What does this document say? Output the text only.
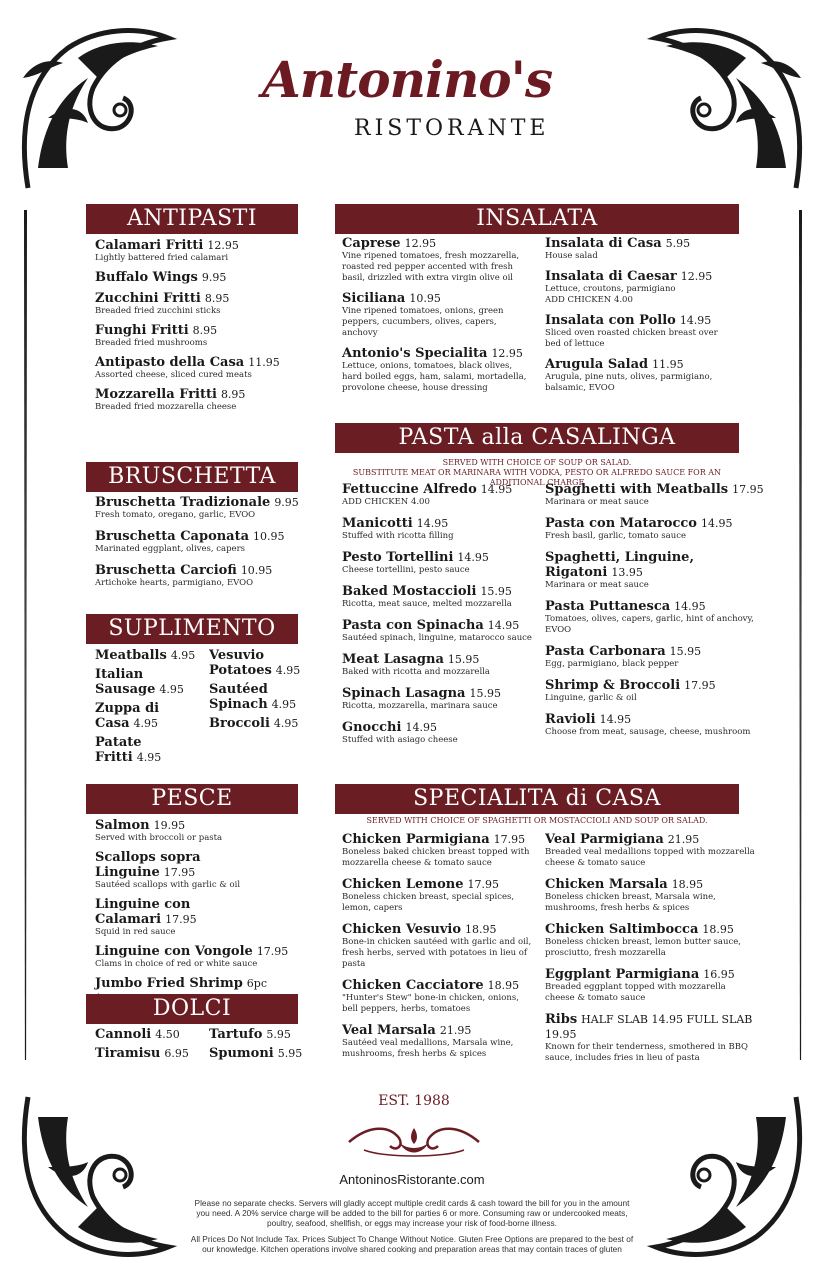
Antonino's
RISTORANTE
ANTIPASTI
Calamari Fritti 12.95
Lightly battered fried calamari
Buffalo Wings 9.95
Zucchini Fritti 8.95
Breaded fried zucchini sticks
Funghi Fritti 8.95
Breaded fried mushrooms
Antipasto della Casa 11.95
Assorted cheese, sliced cured meats
Mozzarella Fritti 8.95
Breaded fried mozzarella cheese
BRUSCHETTA
Bruschetta Tradizionale 9.95
Fresh tomato, oregano, garlic, EVOO
Bruschetta Caponata 10.95
Marinated eggplant, olives, capers
Bruschetta Carciofi 10.95
Artichoke hearts, parmigiano, EVOO
SUPLIMENTO
Meatballs 4.95
Italian Sausage 4.95
Zuppa di Casa 4.95
Patate Fritti 4.95
Vesuvio Potatoes 4.95
Sautéed Spinach 4.95
Broccoli 4.95
PESCE
Salmon 19.95
Served with broccoli or pasta
Scallops sopra Linguine 17.95
Sautéed scallops with garlic & oil
Linguine con Calamari 17.95
Squid in red sauce
Linguine con Vongole 17.95
Clams in choice of red or white sauce
Jumbo Fried Shrimp 6pc
DOLCI
Cannoli 4.50	Tartufo 5.95
Tiramisu 6.95	Spumoni 5.95
INSALATA
Caprese 12.95
Vine ripened tomatoes, fresh mozzarella, roasted red pepper accented with fresh basil, drizzled with extra virgin olive oil
Siciliana 10.95
Vine ripened tomatoes, onions, green peppers, cucumbers, olives, capers, anchovy
Antonio's Specialita 12.95
Lettuce, onions, tomatoes, black olives, hard boiled eggs, ham, salami, mortadella, provolone cheese, house dressing
Insalata di Casa 5.95
House salad
Insalata di Caesar 12.95
Lettuce, croutons, parmigiano
ADD CHICKEN 4.00
Insalata con Pollo 14.95
Sliced oven roasted chicken breast over bed of lettuce
Arugula Salad 11.95
Arugula, pine nuts, olives, parmigiano, balsamic, EVOO
PASTA alla CASALINGA
SERVED WITH CHOICE OF SOUP OR SALAD.
SUBSTITUTE MEAT OR MARINARA WITH VODKA, PESTO OR ALFREDO SAUCE FOR AN ADDITIONAL CHARGE
Fettuccine Alfredo 14.95
ADD CHICKEN 4.00
Manicotti 14.95
Stuffed with ricotta filling
Pesto Tortellini 14.95
Cheese tortellini, pesto sauce
Baked Mostaccioli 15.95
Ricotta, meat sauce, melted mozzarella
Pasta con Spinacha 14.95
Sautéed spinach, linguine, matarocco sauce
Meat Lasagna 15.95
Baked with ricotta and mozzarella
Spinach Lasagna 15.95
Ricotta, mozzarella, marinara sauce
Gnocchi 14.95
Stuffed with asiago cheese
Spaghetti with Meatballs 17.95
Marinara or meat sauce
Pasta con Matarocco 14.95
Fresh basil, garlic, tomato sauce
Spaghetti, Linguine, Rigatoni 13.95
Marinara or meat sauce
Pasta Puttanesca 14.95
Tomatoes, olives, capers, garlic, hint of anchovy, EVOO
Pasta Carbonara 15.95
Egg, parmigiano, black pepper
Shrimp & Broccoli 17.95
Linguine, garlic & oil
Ravioli 14.95
Choose from meat, sausage, cheese, mushroom
SPECIALITA di CASA
SERVED WITH CHOICE OF SPAGHETTI OR MOSTACCIOLI AND SOUP OR SALAD.
Chicken Parmigiana 17.95
Boneless baked chicken breast topped with mozzarella cheese & tomato sauce
Chicken Lemone 17.95
Boneless chicken breast, special spices, lemon, capers
Chicken Vesuvio 18.95
Bone-in chicken sautéed with garlic and oil, fresh herbs, served with potatoes in lieu of pasta
Chicken Cacciatore 18.95
"Hunter's Stew" bone-in chicken, onions, bell peppers, herbs, tomatoes
Veal Marsala 21.95
Sautéed veal medallions, Marsala wine, mushrooms, fresh herbs & spices
Veal Parmigiana 21.95
Breaded veal medallions topped with mozzarella cheese & tomato sauce
Chicken Marsala 18.95
Boneless chicken breast, Marsala wine, mushrooms, fresh herbs & spices
Chicken Saltimbocca 18.95
Boneless chicken breast, lemon butter sauce, prosciutto, fresh mozzarella
Eggplant Parmigiana 16.95
Breaded eggplant topped with mozzarella cheese & tomato sauce
Ribs HALF SLAB 14.95 FULL SLAB 19.95
Known for their tenderness, smothered in BBQ sauce, includes fries in lieu of pasta
EST. 1988
AntoninosRistorante.com
Please no separate checks. Servers will gladly accept multiple credit cards & cash toward the bill for you in the amount you need. A 20% service charge will be added to the bill for parties 6 or more. Consuming raw or undercooked meats, poultry, seafood, shellfish, or eggs may increase your risk of food-borne illness.
All Prices Do Not Include Tax. Prices Subject To Change Without Notice. Gluten Free Options are prepared to the best of our knowledge. Kitchen operations involve shared cooking and preparation areas that may contain traces of gluten
